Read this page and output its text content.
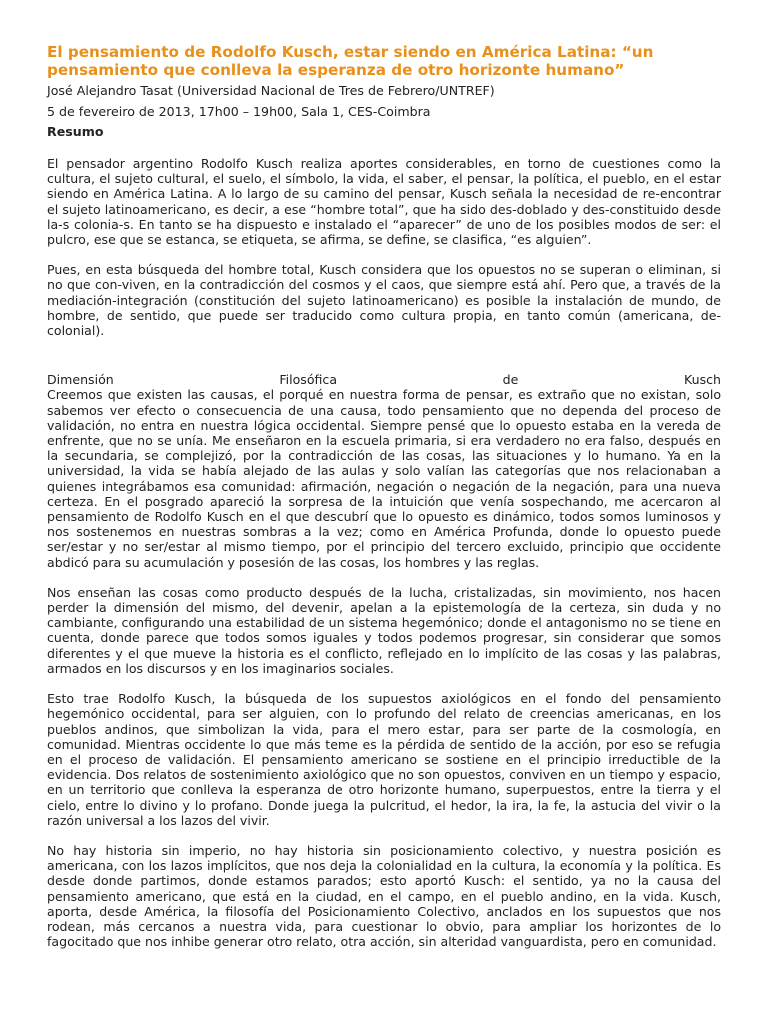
El pensamiento de Rodolfo Kusch, estar siendo en América Latina: “un pensamiento que conlleva la esperanza de otro horizonte humano”
José Alejandro Tasat (Universidad Nacional de Tres de Febrero/UNTREF)
5 de fevereiro de 2013, 17h00 – 19h00, Sala 1, CES-Coimbra
Resumo

El pensador argentino Rodolfo Kusch realiza aportes considerables, en torno de cuestiones como la cultura, el sujeto cultural, el suelo, el símbolo, la vida, el saber, el pensar, la política, el pueblo, en el estar siendo en América Latina. A lo largo de su camino del pensar, Kusch señala la necesidad de re-encontrar el sujeto latinoamericano, es decir, a ese “hombre total”, que ha sido des-doblado y des-constituido desde la-s colonia-s. En tanto se ha dispuesto e instalado el “aparecer” de uno de los posibles modos de ser: el pulcro, ese que se estanca, se etiqueta, se afirma, se define, se clasifica, “es alguien”.

Pues, en esta búsqueda del hombre total, Kusch considera que los opuestos no se superan o eliminan, si no que con-viven, en la contradicción del cosmos y el caos, que siempre está ahí. Pero que, a través de la mediación-integración (constitución del sujeto latinoamericano) es posible la instalación de mundo, de hombre, de sentido, que puede ser traducido como cultura propia, en tanto común (americana, de-colonial).

Dimensión	Filosófica	de	Kusch

Creemos que existen las causas, el porqué en nuestra forma de pensar, es extraño que no existan, solo sabemos ver efecto o consecuencia de una causa, todo pensamiento que no dependa del proceso de validación, no entra en nuestra lógica occidental. Siempre pensé que lo opuesto estaba en la vereda de enfrente, que no se unía. Me enseñaron en la escuela primaria, si era verdadero no era falso, después en la secundaria, se complejizó, por la contradicción de las cosas, las situaciones y lo humano. Ya en la universidad, la vida se había alejado de las aulas y solo valían las categorías que nos relacionaban a quienes integrábamos esa comunidad: afirmación, negación o negación de la negación, para una nueva certeza. En el posgrado apareció la sorpresa de la intuición que venía sospechando, me acercaron al pensamiento de Rodolfo Kusch en el que descubrí que lo opuesto es dinámico, todos somos luminosos y nos sostenemos en nuestras sombras a la vez; como en América Profunda, donde lo opuesto puede ser/estar y no ser/estar al mismo tiempo, por el principio del tercero excluido, principio que occidente abdicó para su acumulación y posesión de las cosas, los hombres y las reglas.

Nos enseñan las cosas como producto después de la lucha, cristalizadas, sin movimiento, nos hacen perder la dimensión del mismo, del devenir, apelan a la epistemología de la certeza, sin duda y no cambiante, configurando una estabilidad de un sistema hegemónico; donde el antagonismo no se tiene en cuenta, donde parece que todos somos iguales y todos podemos progresar, sin considerar que somos diferentes y el que mueve la historia es el conflicto, reflejado en lo implícito de las cosas y las palabras, armados en los discursos y en los imaginarios sociales.

Esto trae Rodolfo Kusch, la búsqueda de los supuestos axiológicos en el fondo del pensamiento hegemónico occidental, para ser alguien, con lo profundo del relato de creencias americanas, en los pueblos andinos, que simbolizan la vida, para el mero estar, para ser parte de la cosmología, en comunidad. Mientras occidente lo que más teme es la pérdida de sentido de la acción, por eso se refugia en el proceso de validación. El pensamiento americano se sostiene en el principio irreductible de la evidencia. Dos relatos de sostenimiento axiológico que no son opuestos, conviven en un tiempo y espacio, en un territorio que conlleva la esperanza de otro horizonte humano, superpuestos, entre la tierra y el cielo, entre lo divino y lo profano. Donde juega la pulcritud, el hedor, la ira, la fe, la astucia del vivir o la razón universal a los lazos del vivir.

No hay historia sin imperio, no hay historia sin posicionamiento colectivo, y nuestra posición es americana, con los lazos implícitos, que nos deja la colonialidad en la cultura, la economía y la política. Es desde donde partimos, donde estamos parados; esto aportó Kusch: el sentido, ya no la causa del pensamiento americano, que está en la ciudad, en el campo, en el pueblo andino, en la vida. Kusch, aporta, desde América, la filosofía del Posicionamiento Colectivo, anclados en los supuestos que nos rodean, más cercanos a nuestra vida, para cuestionar lo obvio, para ampliar los horizontes de lo fagocitado que nos inhibe generar otro relato, otra acción, sin alteridad vanguardista, pero en comunidad.
